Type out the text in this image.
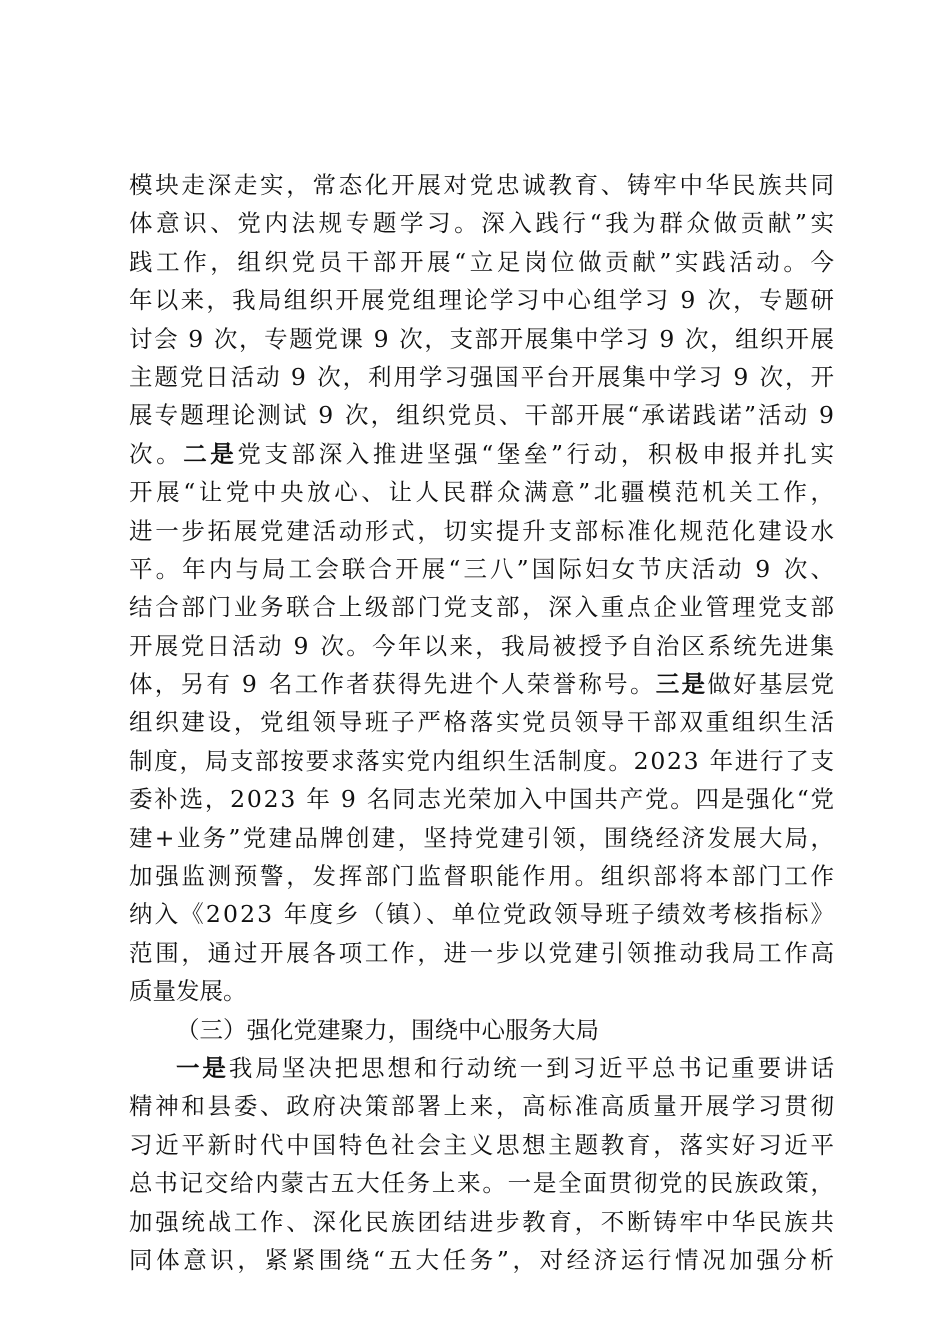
模块走深走实，常态化开展对党忠诚教育、铸牢中华民族共同
体意识、党内法规专题学习。深入践行“我为群众做贡献”实
践工作，组织党员干部开展“立足岗位做贡献”实践活动。今
年以来，我局组织开展党组理论学习中心组学习 9 次，专题研
讨会 9 次，专题党课 9 次，支部开展集中学习 9 次，组织开展
主题党日活动 9 次，利用学习强国平台开展集中学习 9 次，开
展专题理论测试 9 次，组织党员、干部开展“承诺践诺”活动 9
次。二是党支部深入推进坚强“堡垒”行动，积极申报并扎实
开展“让党中央放心、让人民群众满意”北疆模范机关工作，
进一步拓展党建活动形式，切实提升支部标准化规范化建设水
平。年内与局工会联合开展“三八”国际妇女节庆活动 9 次、
结合部门业务联合上级部门党支部，深入重点企业管理党支部
开展党日活动 9 次。今年以来，我局被授予自治区系统先进集
体，另有 9 名工作者获得先进个人荣誉称号。三是做好基层党
组织建设，党组领导班子严格落实党员领导干部双重组织生活
制度，局支部按要求落实党内组织生活制度。2023 年进行了支
委补选，2023 年 9 名同志光荣加入中国共产党。四是强化“党
建+业务”党建品牌创建，坚持党建引领，围绕经济发展大局，
加强监测预警，发挥部门监督职能作用。组织部将本部门工作
纳入《2023 年度乡（镇）、单位党政领导班子绩效考核指标》
范围，通过开展各项工作，进一步以党建引领推动我局工作高
质量发展。
（三）强化党建聚力，围绕中心服务大局
一是我局坚决把思想和行动统一到习近平总书记重要讲话
精神和县委、政府决策部署上来，高标准高质量开展学习贯彻
习近平新时代中国特色社会主义思想主题教育，落实好习近平
总书记交给内蒙古五大任务上来。一是全面贯彻党的民族政策，
加强统战工作、深化民族团结进步教育，不断铸牢中华民族共
同体意识，紧紧围绕“五大任务”，对经济运行情况加强分析
